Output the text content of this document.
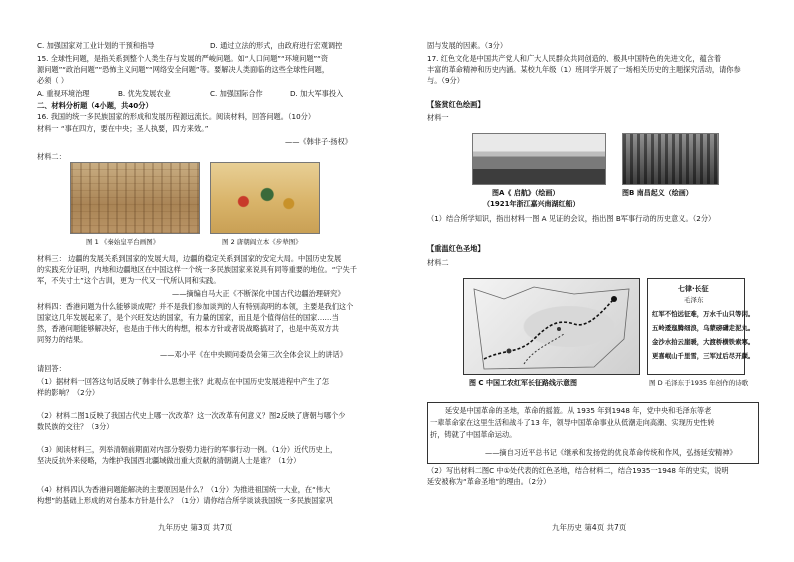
C. 加强国家对工业计划的干预和指导	D. 通过立法的形式，由政府进行宏观调控
15. 全球性问题，是指关系到整个人类生存与发展的严峻问题。如“人口问题”“环境问题”“资
源问题”“政治问题”“恐怖主义问题”“网络安全问题”等。要解决人类面临的这些全球性问题，
必须（ ）
A. 重视环境治理	B. 优先发展农业	C. 加强国际合作	D. 加大军事投入
二、材料分析题（4小题，共40分）
16. 我国的统一多民族国家的形成和发展历程源远流长。阅读材料，回答问题。（10分）
材料一 “事在四方，要在中央；圣人执要，四方来效。”
——《韩非子·扬权》
材料二：
图 1 《秦始皇平台画图》	图 2 唐朝阎立本《步辇图》
材料三： 边疆的发展关系到国家的发展大局，边疆的稳定关系到国家的安定大局。中国历史发展
的实践充分证明，内地和边疆地区在中国这样一个统一多民族国家来说具有同等重要的地位。“宁失千
军，不失寸土”这个古训，更为一代又一代所认同和实践。
——摘编自马大正《不断深化中国古代边疆治理研究》
材料四：香港问题为什么能够谈成呢？并不是我们参加谈判的人有特别高明的本领，主要是我们这个
国家这几年发展起来了，是个兴旺发达的国家，有力量的国家，而且是个值得信任的国家……当
然，香港问题能够解决好，也是由于伟大的构想，根本方针或者说战略搞对了，也是中英双方共
同努力的结果。
——邓小平《在中央顾问委员会第三次全体会议上的讲话》
请回答：
（1）据材料一回答这句话反映了韩非什么思想主张？此观点在中国历史发展进程中产生了怎
样的影响？（2分）
（2）材料二图1反映了我国古代史上哪一次改革？这一次改革有何意义？图2反映了唐朝与哪个少
数民族的交往？（3分）
（3）阅读材料三，列举清朝前期面对内部分裂势力进行的军事行动一例。（1分）近代历史上，
坚决反抗外来侵略，为维护我国西北疆域做出重大贡献的清朝湖人士是谁？（1分）
（4）材料四认为香港问题能解决的主要原因是什么？（1分）为推进祖国统一大业，在“伟大
构想”的基础上形成的对台基本方针是什么？（1分）请你结合所学谈谈我国统一多民族国家巩
九年历史 第3页 共7页
固与发展的因素。（3分）
17. 红色文化是中国共产党人和广大人民群众共同创造的、极具中国特色的先进文化，蕴含着
丰富的革命精神和历史内涵。某校九年级（1）班同学开展了一场相关历史的主题探究活动，请你参
与。（9分）
【鉴赏红色绘画】
材料一
图A《 启航》（绘画）
（1921年浙江嘉兴南湖红船）
图B 南昌起义（绘画）
（1）结合所学知识，指出材料一图 A 见证的会议，指出图 B军事行动的历史意义。（2分）
【重温红色圣地】
材料二
七律·长征
毛泽东
红军不怕远征难，万水千山只等闲。
五岭逶迤腾细浪，乌蒙磅礴走泥丸。
金沙水拍云崖暖，大渡桥横铁索寒。
更喜岷山千里雪，三军过后尽开颜。
图 C 中国工农红军长征路线示意图	图 D 毛泽东于1935 年创作的诗歌
延安是中国革命的圣地，革命的摇篮。从 1935 年到1948 年，党中央和毛泽东等老
一辈革命家在这里生活和战斗了13 年，领导中国革命事业从低潮走向高潮、实现历史性转
折，铸就了中国革命运动。
——摘自习近平总书记《继承和发扬党的优良革命传统和作风，弘扬延安精神》
（2）写出材料二图C 中①处代表的红色圣地，结合材料二，结合1935一1948 年的史实，说明
延安被称为“革命圣地”的理由。（2分）
九年历史 第4页 共7页
